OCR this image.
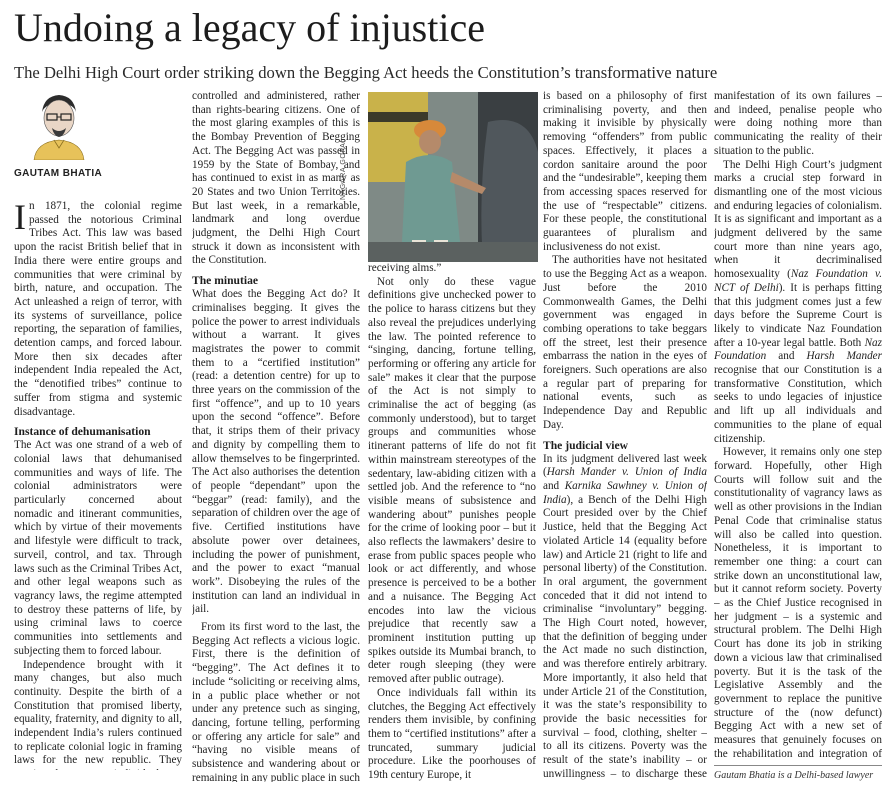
Undoing a legacy of injustice

The Delhi High Court order striking down the Begging Act heeds the Constitution’s transformative nature

GAUTAM BHATIA

In 1871, the colonial regime passed the notorious Criminal Tribes Act. This law was based upon the racist British belief that in India there were entire groups and communities that were criminal by birth, nature, and occupation. The Act unleashed a reign of terror, with its systems of surveillance, police reporting, the separation of families, detention camps, and forced labour. More then six decades after independent India repealed the Act, the “denotified tribes” continue to suffer from stigma and systemic disadvantage.

Instance of dehumanisation

The Act was one strand of a web of colonial laws that dehumanised communities and ways of life. The colonial administrators were particularly concerned about nomadic and itinerant communities, which by virtue of their movements and lifestyle were difficult to track, surveil, control, and tax. Through laws such as the Criminal Tribes Act, and other legal weapons such as vagrancy laws, the regime attempted to destroy these patterns of life, by using criminal laws to coerce communities into settlements and subjecting them to forced labour.

Independence brought with it many changes, but also much continuity. Despite the birth of a Constitution that promised liberty, equality, fraternity, and dignity to all, independent India’s rulers continued to replicate colonial logic in framing laws for the new republic. They

controlled and administered, rather than rights-bearing citizens. One of the most glaring examples of this is the Bombay Prevention of Begging Act. The Begging Act was passed in 1959 by the State of Bombay, and has continued to exist in as many as 20 States and two Union Territories. But last week, in a remarkable, landmark and long overdue judgment, the Delhi High Court struck it down as inconsistent with the Constitution.

The minutiae

What does the Begging Act do? It criminalises begging. It gives the police the power to arrest individuals without a warrant. It gives magistrates the power to commit them to a “certified institution” (read: a detention centre) for up to three years on the commission of the first “offence”, and up to 10 years upon the second “offence”. Before that, it strips them of their privacy and dignity by compelling them to allow themselves to be fingerprinted. The Act also authorises the detention of people “dependant” upon the “beggar” (read: family), and the separation of children over the age of five. Certified institutions have absolute power over detainees, including the power of punishment, and the power to exact “manual work”. Disobeying the rules of the institution can land an individual in jail.

From its first word to the last, the Begging Act reflects a vicious logic. First, there is the definition of “begging”. The Act defines it to include “soliciting or receiving alms, in a public place whether or not under any pretence such as singing, dancing, fortune telling, performing or offering any article for sale” and “having no visible means of subsistence and wandering about or remaining in any public place in such

NAGARA GOPAL

receiving alms.”

Not only do these vague definitions give unchecked power to the police to harass citizens but they also reveal the prejudices underlying the law. The pointed reference to “singing, dancing, fortune telling, performing or offering any article for sale” makes it clear that the purpose of the Act is not simply to criminalise the act of begging (as commonly understood), but to target groups and communities whose itinerant patterns of life do not fit within mainstream stereotypes of the sedentary, law-abiding citizen with a settled job. And the reference to “no visible means of subsistence and wandering about” punishes people for the crime of looking poor – but it also reflects the lawmakers’ desire to erase from public spaces people who look or act differently, and whose presence is perceived to be a bother and a nuisance. The Begging Act encodes into law the vicious prejudice that recently saw a prominent institution putting up spikes outside its Mumbai branch, to deter rough sleeping (they were removed after public outrage).

Once individuals fall within its clutches, the Begging Act effectively renders them invisible, by confining them to “certified institutions” after a truncated, summary judicial procedure. Like the poorhouses of 19th century Europe, it

is based on a philosophy of first criminalising poverty, and then making it invisible by physically removing “offenders” from public spaces. Effectively, it places a cordon sanitaire around the poor and the “undesirable”, keeping them from accessing spaces reserved for the use of “respectable” citizens. For these people, the constitutional guarantees of pluralism and inclusiveness do not exist.

The authorities have not hesitated to use the Begging Act as a weapon. Just before the 2010 Commonwealth Games, the Delhi government was engaged in combing operations to take beggars off the street, lest their presence embarrass the nation in the eyes of foreigners. Such operations are also a regular part of preparing for national events, such as Independence Day and Republic Day.

The judicial view

In its judgment delivered last week (Harsh Mander v. Union of India and Karnika Sawhney v. Union of India), a Bench of the Delhi High Court presided over by the Chief Justice, held that the Begging Act violated Article 14 (equality before law) and Article 21 (right to life and personal liberty) of the Constitution. In oral argument, the government conceded that it did not intend to criminalise “involuntary” begging. The High Court noted, however, that the definition of begging under the Act made no such distinction, and was therefore entirely arbitrary. More importantly, it also held that under Article 21 of the Constitution, it was the state’s responsibility to provide the basic necessities for survival – food, clothing, shelter – to all its citizens. Poverty was the result of the state’s inability – or unwillingness – to discharge these

manifestation of its own failures – and indeed, penalise people who were doing nothing more than communicating the reality of their situation to the public.

The Delhi High Court’s judgment marks a crucial step forward in dismantling one of the most vicious and enduring legacies of colonialism. It is as significant and important as a judgment delivered by the same court more than nine years ago, when it decriminalised homosexuality (Naz Foundation v. NCT of Delhi). It is perhaps fitting that this judgment comes just a few days before the Supreme Court is likely to vindicate Naz Foundation after a 10-year legal battle. Both Naz Foundation and Harsh Mander recognise that our Constitution is a transformative Constitution, which seeks to undo legacies of injustice and lift up all individuals and communities to the plane of equal citizenship.

However, it remains only one step forward. Hopefully, other High Courts will follow suit and the constitutionality of vagrancy laws as well as other provisions in the Indian Penal Code that criminalise status will also be called into question. Nonetheless, it is important to remember one thing: a court can strike down an unconstitutional law, but it cannot reform society. Poverty – as the Chief Justice recognised in her judgment – is a systemic and structural problem. The Delhi High Court has done its job in striking down a vicious law that criminalised poverty. But it is the task of the Legislative Assembly and the government to replace the punitive structure of the (now defunct) Begging Act with a new set of measures that genuinely focuses on the rehabilitation and integration of

Gautam Bhatia is a Delhi-based lawyer
